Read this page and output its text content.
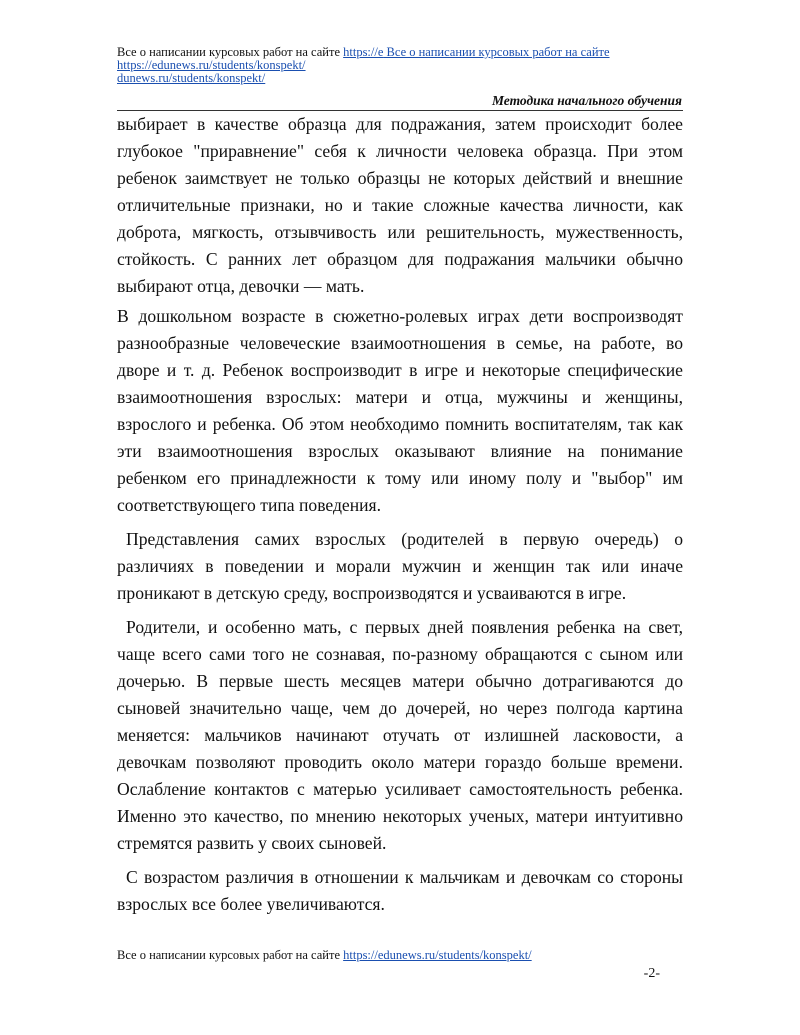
Все о написании курсовых работ на сайте https://e Все о написании курсовых работ на сайте
https://edunews.ru/students/konspekt/
dunews.ru/students/konspekt/
Методика начального обучения

выбирает в качестве образца для подражания, затем происходит более глубокое "приравнение" себя к личности человека образца. При этом ребенок заимствует не только образцы не которых действий и внешние отличительные признаки, но и такие сложные качества личности, как доброта, мягкость, отзывчивость или решительность, мужественность, стойкость. С ранних лет образцом для подражания мальчики обычно выбирают отца, девочки — мать.

В дошкольном возрасте в сюжетно-ролевых играх дети воспроизводят разнообразные человеческие взаимоотношения в семье, на работе, во дворе и т. д. Ребенок воспроизводит в игре и некоторые специфические взаимоотношения взрослых: матери и отца, мужчины и женщины, взрослого и ребенка. Об этом необходимо помнить воспитателям, так как эти взаимоотношения взрослых оказывают влияние на понимание ребенком его принадлежности к тому или иному полу и "выбор" им соответствующего типа поведения.

Представления самих взрослых (родителей в первую очередь) о различиях в поведении и морали мужчин и женщин так или иначе проникают в детскую среду, воспроизводятся и усваиваются в игре.

Родители, и особенно мать, с первых дней появления ребенка на свет, чаще всего сами того не сознавая, по-разному обращаются с сыном или дочерью. В первые шесть месяцев матери обычно дотрагиваются до сыновей значительно чаще, чем до дочерей, но через полгода картина меняется: мальчиков начинают отучать от излишней ласковости, а девочкам позволяют проводить около матери гораздо больше времени. Ослабление контактов с матерью усиливает самостоятельность ребенка. Именно это качество, по мнению некоторых ученых, матери интуитивно стремятся развить у своих сыновей.

С возрастом различия в отношении к мальчикам и девочкам со стороны взрослых все более увеличиваются.

Все о написании курсовых работ на сайте https://edunews.ru/students/konspekt/
-2-
